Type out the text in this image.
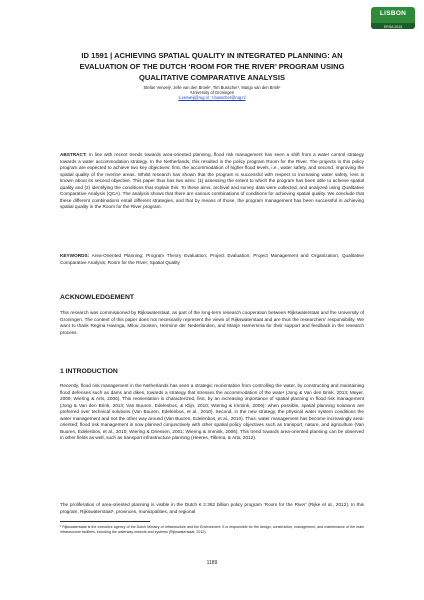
LISBON
ERSA 2015
ID 1591 | ACHIEVING SPATIAL QUALITY IN INTEGRATED PLANNING: AN EVALUATION OF THE DUTCH ‘ROOM FOR THE RIVER’ PROGRAM USING QUALITATIVE COMPARATIVE ANALYSIS
Stefan Verweij¹, Jelle van den Broek¹, Tim Busscher¹, Margo van den Brink¹
¹University of Groningen
s.verweij@rug.nl ; t.busscher@rug.nl

ABSTRACT: In line with recent trends towards area-oriented planning, flood risk management has seen a shift from a water control strategy towards a water accommodation strategy. In the Netherlands, this resulted in the policy program Room for the River. The projects in this policy program are expected to achieve two key objectives: first, the accommodation of higher flood levels, i.e., water safety, and second, improving the spatial quality of the riverine areas. Whilst research has shown that the program is successful with respect to increasing water safety, less is known about its second objective. This paper thus has two aims: (1) assessing the extent to which the program has been able to achieve spatial quality and (2) identifying the conditions that explain this. To these aims, archival and survey data were collected, and analyzed using Qualitative Comparative Analysis (QCA). The analysis shows that there are various combinations of conditions for achieving spatial quality. We conclude that these different combinations entail different strategies, and that by means of those, the program management has been successful in achieving spatial quality in the Room for the River program.

KEYWORDS: Area-Oriented Planning; Program Theory Evaluation; Project Evaluation; Project Management and Organization; Qualitative Comparative Analysis; Room for the River; Spatial Quality

ACKNOWLEDGEMENT

This research was commissioned by Rijkswaterstaat, as part of the long-term research cooperation between Rijkswaterstaat and the University of Groningen. The content of this paper does not necessarily represent the views of Rijkswaterstaat and are thus the researchers’ responsibility. We want to thank Regina Havinga, Milou Joosten, Hermine der Nederlanden, and Marije Hamersma for their support and feedback in the research process.

1 INTRODUCTION

Recently, flood risk management in the Netherlands has seen a strategic reorientation from controlling the water, by constructing and maintaining flood defenses such as dams and dikes, towards a strategy that stresses the accommodation of the water (Jong & Van den Brink, 2013; Meyer, 2009; Wiering & Arts, 2006). This reorientation is characterized, first, by an increasing importance of spatial planning in flood risk management (Jong & Van den Brink, 2013; Van Buuren, Edelenbos, & Klijn, 2010; Wiering & Immink, 2006): when possible, spatial planning solutions are preferred over technical solutions (Van Buuren, Edelenbos, et al., 2010). Second, in the new strategy, the physical water system conditions the water management and not the other way around (Van Buuren, Edelenbos, et al., 2010). Thus, water management has become increasingly area-oriented; flood risk management is now planned conjunctively with other spatial policy objectives such as transport, nature, and agriculture (Van Buuren, Edelenbos, et al., 2010; Wiering & Driessen, 2001; Wiering & Immink, 2006). This trend towards area-oriented planning can be observed in other fields as well, such as transport infrastructure planning (Heeres, Tillema, & Arts, 2012).

The proliferation of area-oriented planning is visible in the Dutch € 2.362 billion policy program ‘Room for the River’ (Rijke et al., 2012). In this program, Rijkswaterstaat¹, provinces, municipalities, and regional

¹ Rijkswaterstaat is the executive agency of the Dutch Ministry of Infrastructure and the Environment. It is responsible for the design, construction, management, and maintenance of the main infrastructure facilities, including the waterway network and systems (Rijkswaterstaat, 2012).

1189
